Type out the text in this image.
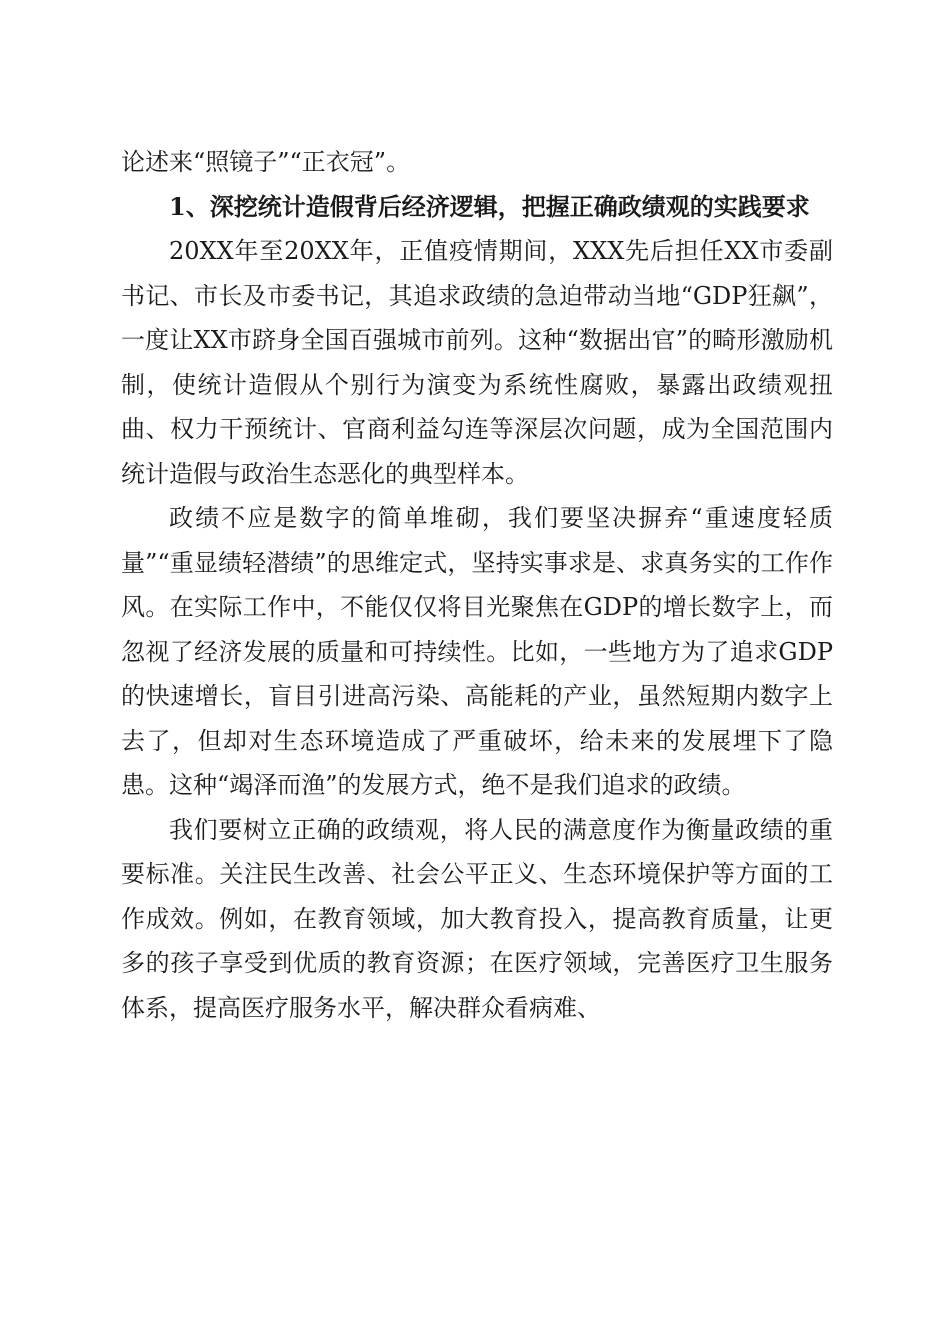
论述来“照镜子”“正衣冠”。

1、深挖统计造假背后经济逻辑，把握正确政绩观的实践要求

20XX年至20XX年，正值疫情期间，XXX先后担任XX市委副书记、市长及市委书记，其追求政绩的急迫带动当地“GDP狂飙”，一度让XX市跻身全国百强城市前列。这种“数据出官”的畸形激励机制，使统计造假从个别行为演变为系统性腐败，暴露出政绩观扭曲、权力干预统计、官商利益勾连等深层次问题，成为全国范围内统计造假与政治生态恶化的典型样本。

政绩不应是数字的简单堆砌，我们要坚决摒弃“重速度轻质量”“重显绩轻潜绩”的思维定式，坚持实事求是、求真务实的工作作风。在实际工作中，不能仅仅将目光聚焦在GDP的增长数字上，而忽视了经济发展的质量和可持续性。比如，一些地方为了追求GDP的快速增长，盲目引进高污染、高能耗的产业，虽然短期内数字上去了，但却对生态环境造成了严重破坏，给未来的发展埋下了隐患。这种“竭泽而渔”的发展方式，绝不是我们追求的政绩。

我们要树立正确的政绩观，将人民的满意度作为衡量政绩的重要标准。关注民生改善、社会公平正义、生态环境保护等方面的工作成效。例如，在教育领域，加大教育投入，提高教育质量，让更多的孩子享受到优质的教育资源；在医疗领域，完善医疗卫生服务体系，提高医疗服务水平，解决群众看病难、
